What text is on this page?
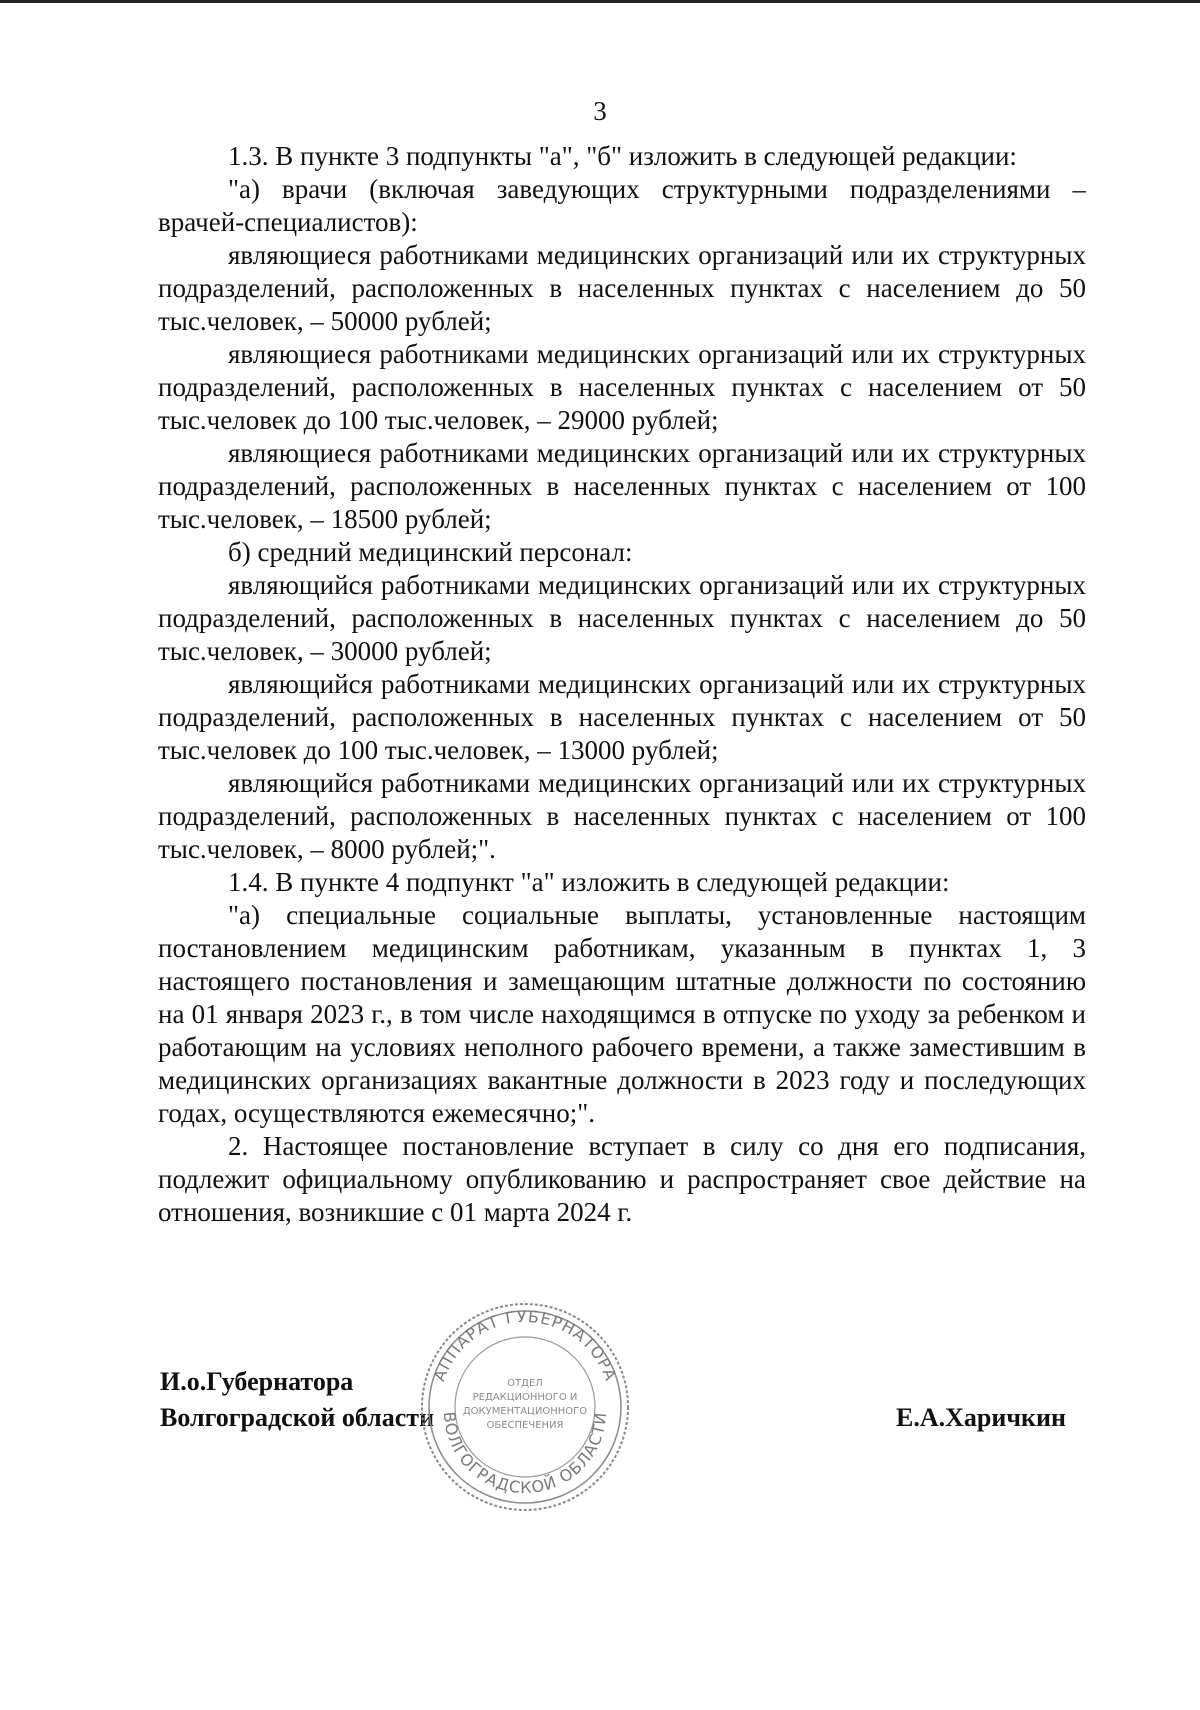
3

1.3. В пункте 3 подпункты "а", "б" изложить в следующей редакции:

"а) врачи (включая заведующих структурными подразделениями – врачей-специалистов):

являющиеся работниками медицинских организаций или их структурных подразделений, расположенных в населенных пунктах с населением до 50 тыс.человек, – 50000 рублей;

являющиеся работниками медицинских организаций или их структурных подразделений, расположенных в населенных пунктах с населением от 50 тыс.человек до 100 тыс.человек, – 29000 рублей;

являющиеся работниками медицинских организаций или их структурных подразделений, расположенных в населенных пунктах с населением от 100 тыс.человек, – 18500 рублей;

б) средний медицинский персонал:

являющийся работниками медицинских организаций или их структурных подразделений, расположенных в населенных пунктах с населением до 50 тыс.человек, – 30000 рублей;

являющийся работниками медицинских организаций или их структурных подразделений, расположенных в населенных пунктах с населением от 50 тыс.человек до 100 тыс.человек, – 13000 рублей;

являющийся работниками медицинских организаций или их структурных подразделений, расположенных в населенных пунктах с населением от 100 тыс.человек, – 8000 рублей;".

1.4. В пункте 4 подпункт "а" изложить в следующей редакции:

"а) специальные социальные выплаты, установленные настоящим постановлением медицинским работникам, указанным в пунктах 1, 3 настоящего постановления и замещающим штатные должности по состоянию на 01 января 2023 г., в том числе находящимся в отпуске по уходу за ребенком и работающим на условиях неполного рабочего времени, а также заместившим в медицинских организациях вакантные должности в 2023 году и последующих годах, осуществляются ежемесячно;".

2. Настоящее постановление вступает в силу со дня его подписания, подлежит официальному опубликованию и распространяет свое действие на отношения, возникшие с 01 марта 2024 г.

И.о.Губернатора
Волгоградской области
АППАРАТ ГУБЕРНАТОРА
ВОЛГОГРАДСКОЙ ОБЛАСТИ
ОТДЕЛ
РЕДАКЦИОННОГО И
ДОКУМЕНТАЦИОННОГО
ОБЕСПЕЧЕНИЯ	Е.А.Харичкин
